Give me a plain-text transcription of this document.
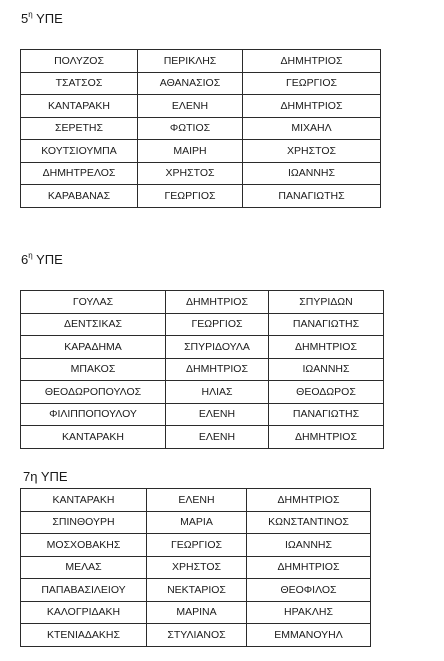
$5^\eta$ ΥΠΕ
ΠΟΛΥΖΟΣ	ΠΕΡΙΚΛΗΣ	ΔΗΜΗΤΡΙΟΣ
ΤΣΑΤΣΟΣ	ΑΘΑΝΑΣΙΟΣ	ΓΕΩΡΓΙΟΣ
ΚΑΝΤΑΡΑΚΗ	ΕΛΕΝΗ	ΔΗΜΗΤΡΙΟΣ
ΣΕΡΕΤΗΣ	ΦΩΤΙΟΣ	ΜΙΧΑΗΛ
ΚΟΥΤΣΙΟΥΜΠΑ	ΜΑΙΡΗ	ΧΡΗΣΤΟΣ
ΔΗΜΗΤΡΕΛΟΣ	ΧΡΗΣΤΟΣ	ΙΩΑΝΝΗΣ
ΚΑΡΑΒΑΝΑΣ	ΓΕΩΡΓΙΟΣ	ΠΑΝΑΓΙΩΤΗΣ
$6^\eta$ ΥΠΕ
ΓΟΥΛΑΣ	ΔΗΜΗΤΡΙΟΣ	ΣΠΥΡΙΔΩΝ
ΔΕΝΤΣΙΚΑΣ	ΓΕΩΡΓΙΟΣ	ΠΑΝΑΓΙΩΤΗΣ
ΚΑΡΑΔΗΜΑ	ΣΠΥΡΙΔΟΥΛΑ	ΔΗΜΗΤΡΙΟΣ
ΜΠΑΚΟΣ	ΔΗΜΗΤΡΙΟΣ	ΙΩΑΝΝΗΣ
ΘΕΟΔΩΡΟΠΟΥΛΟΣ	ΗΛΙΑΣ	ΘΕΟΔΩΡΟΣ
ΦΙΛΙΠΠΟΠΟΥΛΟΥ	ΕΛΕΝΗ	ΠΑΝΑΓΙΩΤΗΣ
ΚΑΝΤΑΡΑΚΗ	ΕΛΕΝΗ	ΔΗΜΗΤΡΙΟΣ
7η ΥΠΕ
ΚΑΝΤΑΡΑΚΗ	ΕΛΕΝΗ	ΔΗΜΗΤΡΙΟΣ
ΣΠΙΝΘΟΥΡΗ	ΜΑΡΙΑ	ΚΩΝΣΤΑΝΤΙΝΟΣ
ΜΟΣΧΟΒΑΚΗΣ	ΓΕΩΡΓΙΟΣ	ΙΩΑΝΝΗΣ
ΜΕΛΑΣ	ΧΡΗΣΤΟΣ	ΔΗΜΗΤΡΙΟΣ
ΠΑΠΑΒΑΣΙΛΕΙΟΥ	ΝΕΚΤΑΡΙΟΣ	ΘΕΟΦΙΛΟΣ
ΚΑΛΟΓΡΙΔΑΚΗ	ΜΑΡΙΝΑ	ΗΡΑΚΛΗΣ
ΚΤΕΝΙΑΔΑΚΗΣ	ΣΤΥΛΙΑΝΟΣ	ΕΜΜΑΝΟΥΗΛ
